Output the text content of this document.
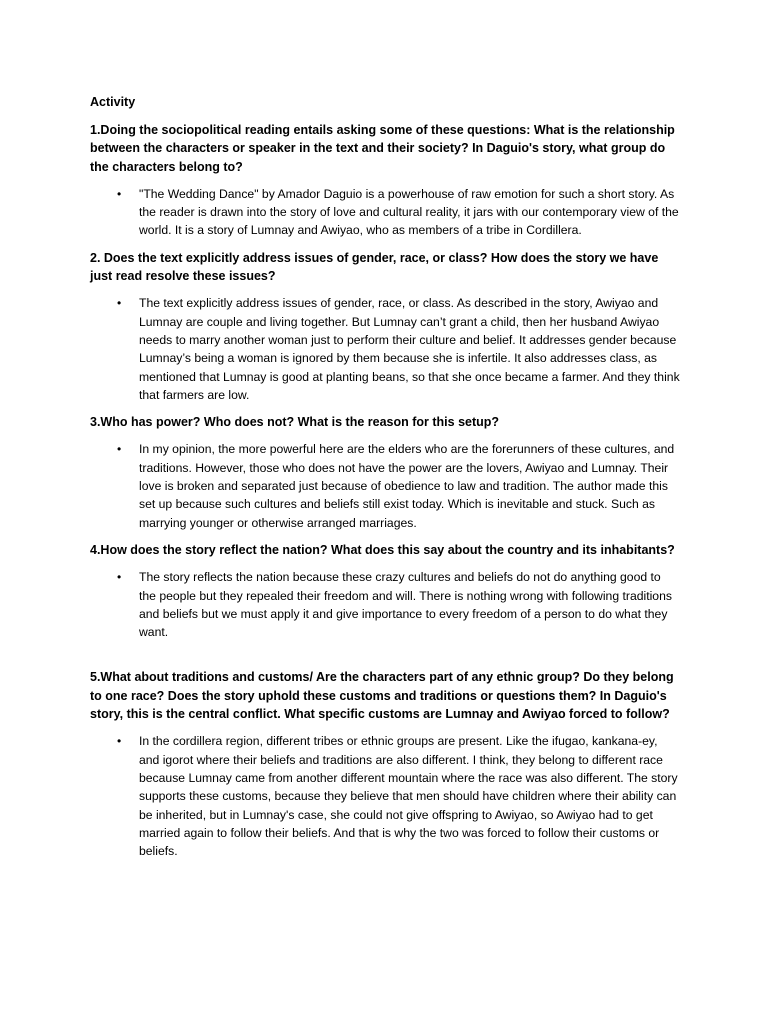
Activity
1.Doing the sociopolitical reading entails asking some of these questions: What is the relationship between the characters or speaker in the text and their society? In Daguio's story, what group do the characters belong to?
• "The Wedding Dance" by Amador Daguio is a powerhouse of raw emotion for such a short story. As the reader is drawn into the story of love and cultural reality, it jars with our contemporary view of the world. It is a story of Lumnay and Awiyao, who as members of a tribe in Cordillera.
2. Does the text explicitly address issues of gender, race, or class? How does the story we have just read resolve these issues?
• The text explicitly address issues of gender, race, or class. As described in the story, Awiyao and Lumnay are couple and living together. But Lumnay can’t grant a child, then her husband Awiyao needs to marry another woman just to perform their culture and belief. It addresses gender because Lumnay’s being a woman is ignored by them because she is infertile. It also addresses class, as mentioned that Lumnay is good at planting beans, so that she once became a farmer. And they think that farmers are low.
3.Who has power? Who does not? What is the reason for this setup?
• In my opinion, the more powerful here are the elders who are the forerunners of these cultures, and traditions. However, those who does not have the power are the lovers, Awiyao and Lumnay. Their love is broken and separated just because of obedience to law and tradition. The author made this set up because such cultures and beliefs still exist today. Which is inevitable and stuck. Such as marrying younger or otherwise arranged marriages.
4.How does the story reflect the nation? What does this say about the country and its inhabitants?
• The story reflects the nation because these crazy cultures and beliefs do not do anything good to the people but they repealed their freedom and will. There is nothing wrong with following traditions and beliefs but we must apply it and give importance to every freedom of a person to do what they want.
5.What about traditions and customs/ Are the characters part of any ethnic group? Do they belong to one race? Does the story uphold these customs and traditions or questions them? In Daguio's story, this is the central conflict. What specific customs are Lumnay and Awiyao forced to follow?
• In the cordillera region, different tribes or ethnic groups are present. Like the ifugao, kankana-ey, and igorot where their beliefs and traditions are also different. I think, they belong to different race because Lumnay came from another different mountain where the race was also different. The story supports these customs, because they believe that men should have children where their ability can be inherited, but in Lumnay's case, she could not give offspring to Awiyao, so Awiyao had to get married again to follow their beliefs. And that is why the two was forced to follow their customs or beliefs.
